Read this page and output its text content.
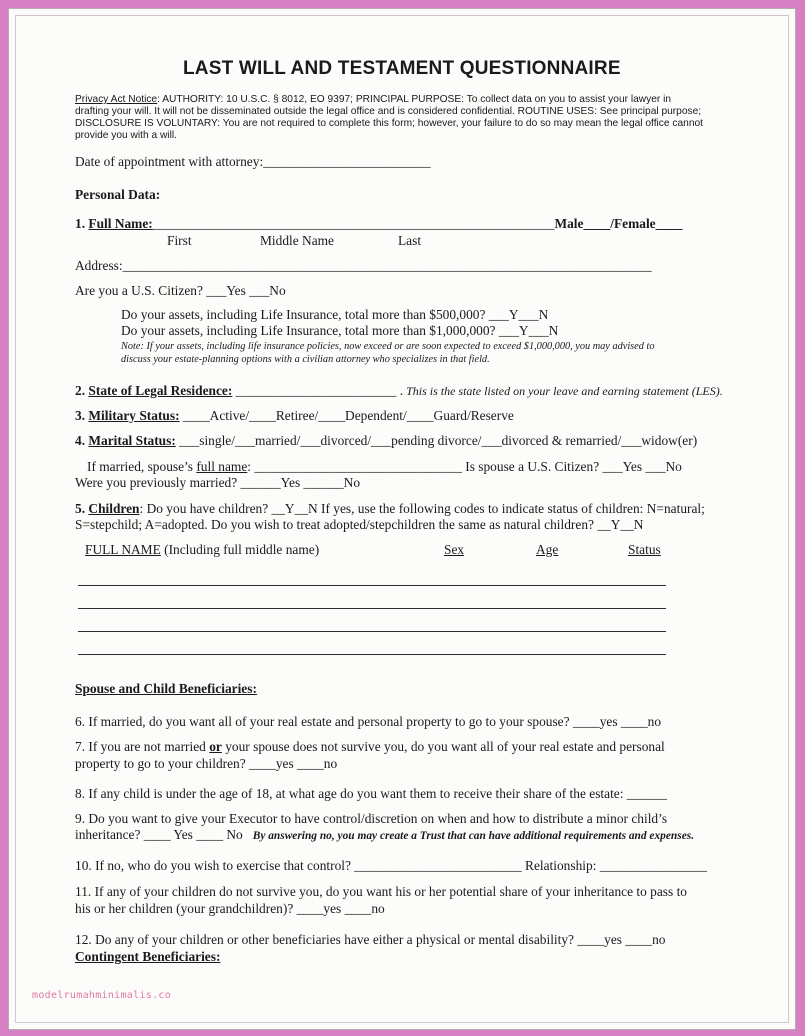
LAST WILL AND TESTAMENT QUESTIONNAIRE
Privacy Act Notice: AUTHORITY: 10 U.S.C. § 8012, EO 9397; PRINCIPAL PURPOSE: To collect data on you to assist your lawyer in
drafting your will. It will not be disseminated outside the legal office and is considered confidential. ROUTINE USES: See principal purpose;
DISCLOSURE IS VOLUNTARY: You are not required to complete this form; however, your failure to do so may mean the legal office cannot
provide you with a will.
Date of appointment with attorney:_________________________
Personal Data:
1. Full Name:____________________________________________________________Male____/Female____
First	Middle Name	Last
Address:_______________________________________________________________________________
Are you a U.S. Citizen? ___Yes ___No
Do your assets, including Life Insurance, total more than $500,000? ___Y___N
Do your assets, including Life Insurance, total more than $1,000,000? ___Y___N
Note: If your assets, including life insurance policies, now exceed or are soon expected to exceed $1,000,000, you may advised to
discuss your estate-planning options with a civilian attorney who specializes in that field.
2. State of Legal Residence: ________________________ . This is the state listed on your leave and earning statement (LES).
3. Military Status: ____Active/____Retiree/____Dependent/____Guard/Reserve
4. Marital Status: ___single/___married/___divorced/___pending divorce/___divorced & remarried/___widow(er)
If married, spouse’s full name: _______________________________ Is spouse a U.S. Citizen? ___Yes ___No
Were you previously married? ______Yes ______No
5. Children: Do you have children? __Y__N If yes, use the following codes to indicate status of children: N=natural;
S=stepchild; A=adopted. Do you wish to treat adopted/stepchildren the same as natural children? __Y__N
FULL NAME (Including full middle name)	Sex	Age	Status
Spouse and Child Beneficiaries:
6. If married, do you want all of your real estate and personal property to go to your spouse? ____yes ____no
7. If you are not married or your spouse does not survive you, do you want all of your real estate and personal
property to go to your children? ____yes ____no
8. If any child is under the age of 18, at what age do you want them to receive their share of the estate: ______
9. Do you want to give your Executor to have control/discretion on when and how to distribute a minor child’s
inheritance? ____ Yes ____ No By answering no, you may create a Trust that can have additional requirements and expenses.
10. If no, who do you wish to exercise that control? _________________________ Relationship: ________________
11. If any of your children do not survive you, do you want his or her potential share of your inheritance to pass to
his or her children (your grandchildren)? ____yes ____no
12. Do any of your children or other beneficiaries have either a physical or mental disability? ____yes ____no
Contingent Beneficiaries:
modelrumahminimalis.co
